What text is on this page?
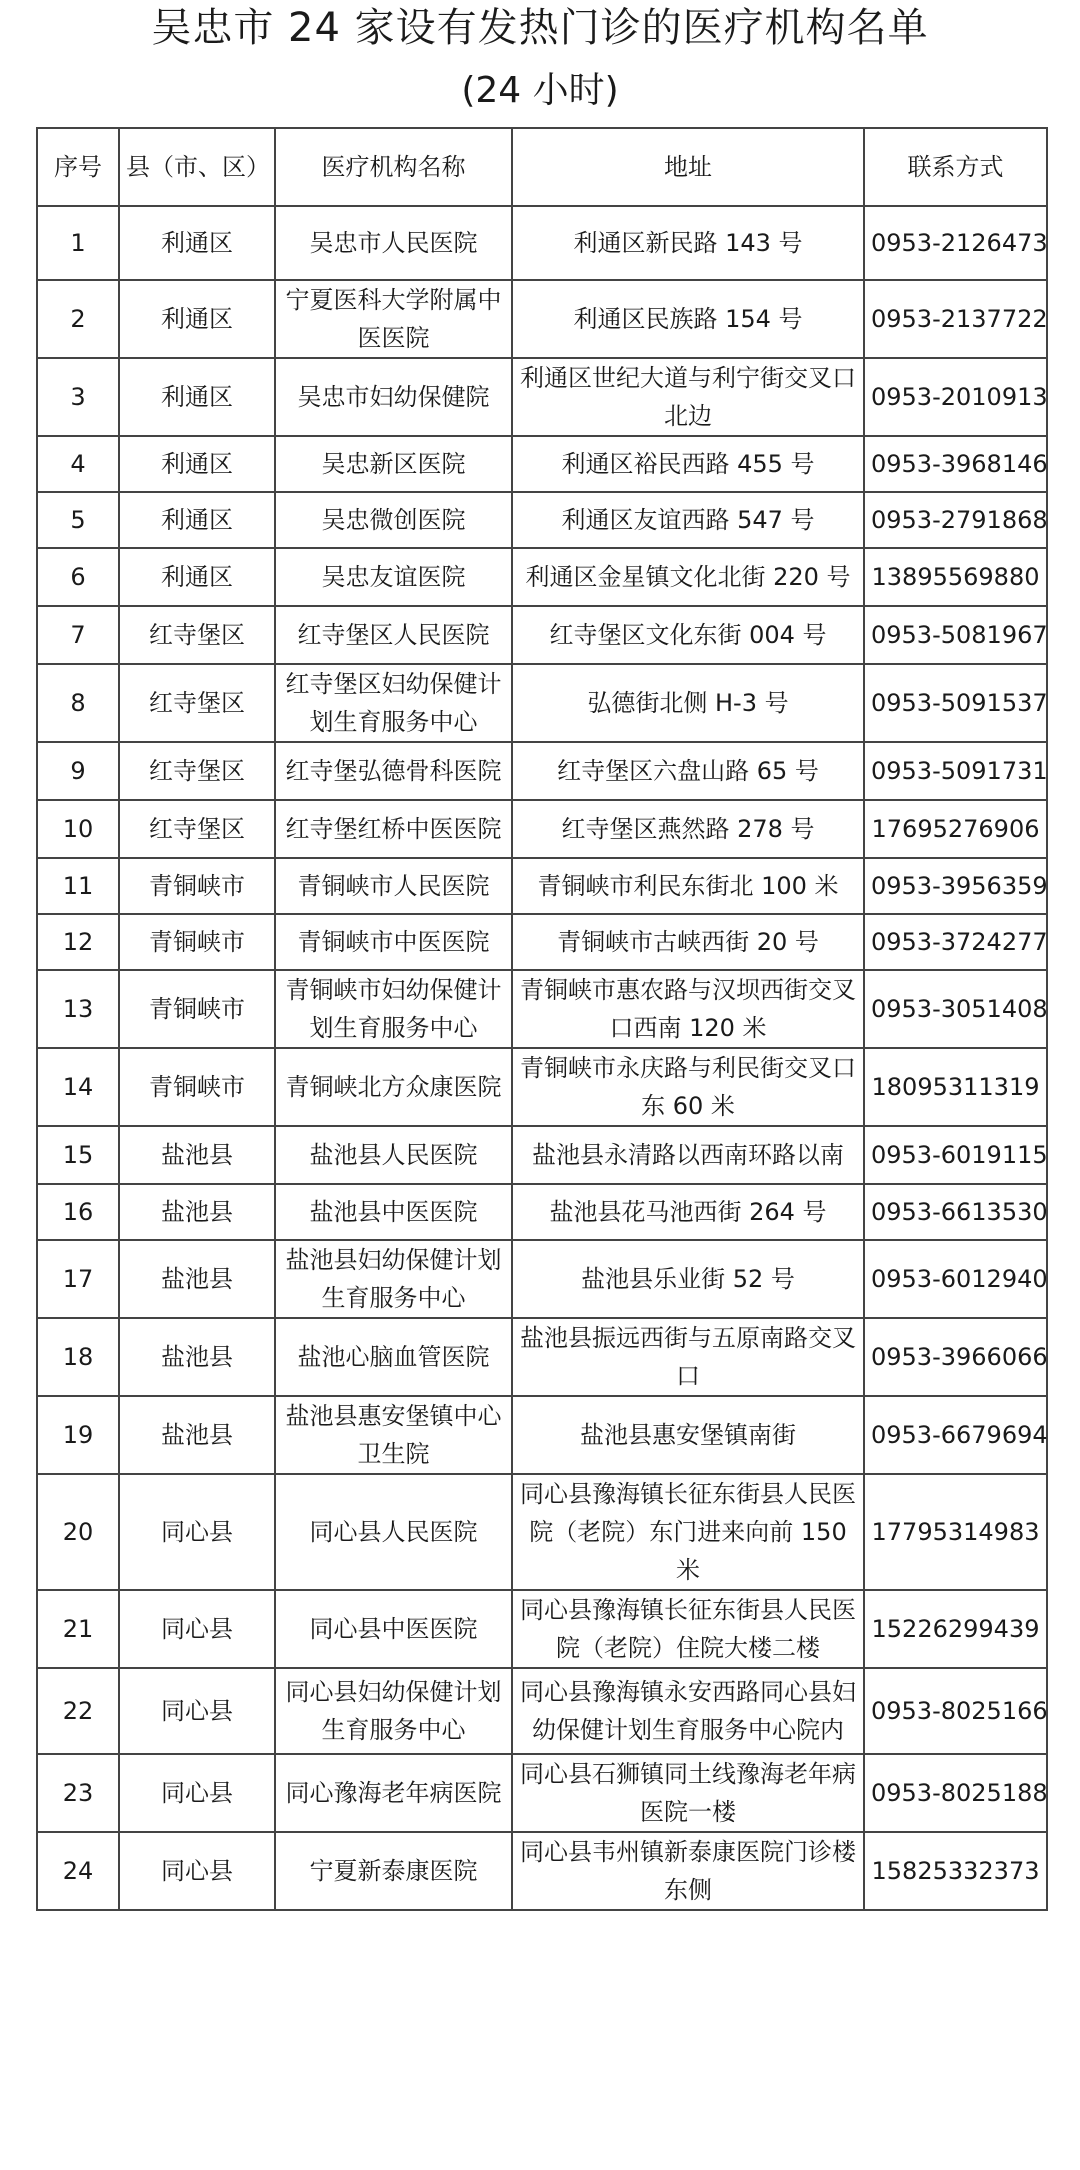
吴忠市 24 家设有发热门诊的医疗机构名单
(24 小时)
序号	县（市、区）	医疗机构名称	地址	联系方式
1	利通区	吴忠市人民医院	利通区新民路 143 号	0953-2126473
2	利通区	宁夏医科大学附属中医医院	利通区民族路 154 号	0953-2137722
3	利通区	吴忠市妇幼保健院	利通区世纪大道与利宁街交叉口北边	0953-2010913
4	利通区	吴忠新区医院	利通区裕民西路 455 号	0953-3968146
5	利通区	吴忠微创医院	利通区友谊西路 547 号	0953-2791868
6	利通区	吴忠友谊医院	利通区金星镇文化北街 220 号	13895569880
7	红寺堡区	红寺堡区人民医院	红寺堡区文化东街 004 号	0953-5081967
8	红寺堡区	红寺堡区妇幼保健计划生育服务中心	弘德街北侧 H-3 号	0953-5091537
9	红寺堡区	红寺堡弘德骨科医院	红寺堡区六盘山路 65 号	0953-5091731
10	红寺堡区	红寺堡红桥中医医院	红寺堡区燕然路 278 号	17695276906
11	青铜峡市	青铜峡市人民医院	青铜峡市利民东街北 100 米	0953-3956359
12	青铜峡市	青铜峡市中医医院	青铜峡市古峡西街 20 号	0953-3724277
13	青铜峡市	青铜峡市妇幼保健计划生育服务中心	青铜峡市惠农路与汉坝西街交叉口西南 120 米	0953-3051408
14	青铜峡市	青铜峡北方众康医院	青铜峡市永庆路与利民街交叉口东 60 米	18095311319
15	盐池县	盐池县人民医院	盐池县永清路以西南环路以南	0953-6019115
16	盐池县	盐池县中医医院	盐池县花马池西街 264 号	0953-6613530
17	盐池县	盐池县妇幼保健计划生育服务中心	盐池县乐业街 52 号	0953-6012940
18	盐池县	盐池心脑血管医院	盐池县振远西街与五原南路交叉口	0953-3966066
19	盐池县	盐池县惠安堡镇中心卫生院	盐池县惠安堡镇南街	0953-6679694
20	同心县	同心县人民医院	同心县豫海镇长征东街县人民医院（老院）东门进来向前 150 米	17795314983
21	同心县	同心县中医医院	同心县豫海镇长征东街县人民医院（老院）住院大楼二楼	15226299439
22	同心县	同心县妇幼保健计划生育服务中心	同心县豫海镇永安西路同心县妇幼保健计划生育服务中心院内	0953-8025166
23	同心县	同心豫海老年病医院	同心县石狮镇同土线豫海老年病医院一楼	0953-8025188
24	同心县	宁夏新泰康医院	同心县韦州镇新泰康医院门诊楼东侧	15825332373
